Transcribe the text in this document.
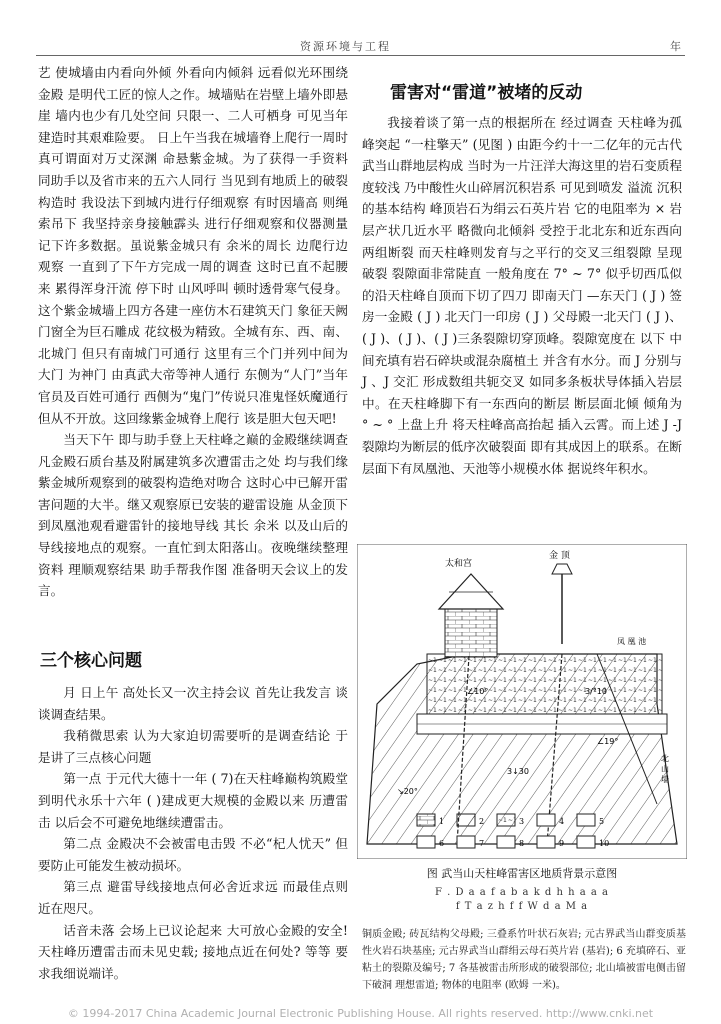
资源环境与工程	年

艺 使城墙由内看向外倾 外看向内倾斜 远看似光环围绕金殿 是明代工匠的惊人之作。城墙贴在岩壁上墙外即悬崖 墙内也少有几处空间 只限一、二人可栖身 可见当年建造时其艰难险要。 日上午当我在城墙脊上爬行一周时 真可谓面对万丈深渊 命悬紫金城。为了获得一手资料 同助手以及省市来的五六人同行 当见到有地质上的破裂构造时 我设法下到城内进行仔细观察 有时因墙高 则绳索吊下 我坚持亲身接触霹头 进行仔细观察和仪器测量 记下许多数据。虽说紫金城只有 余米的周长 边爬行边观察 一直到了下午方完成一周的调查 这时已直不起腰来 累得浑身汗流 停下时 山风呼叫 顿时透骨寒气侵身。这个紫金城墙上四方各建一座仿木石建筑天门 象征天阙 门窗全为巨石雕成 花纹极为精致。全城有东、西、南、北城门 但只有南城门可通行 这里有三个门并列中间为大门 为神门 由真武大帝等神人通行 东侧为“人门”当年官员及百姓可通行 西侧为“鬼门”传说只准鬼怪妖魔通行 但从不开放。这回缘紫金城脊上爬行 该是胆大包天吧!

当天下午 即与助手登上天柱峰之巅的金殿继续调查 凡金殿石质台基及附属建筑多次遭雷击之处 均与我们缘紫金城所观察到的破裂构造绝对吻合 这时心中已解开雷害问题的大半。继又观察原已安装的避雷设施 从金顶下到凤凰池观看避雷针的接地导线 其长 余米 以及山后的导线接地点的观察。一直忙到太阳落山。夜晚继续整理资料 理顺观察结果 助手帮我作图 准备明天会议上的发言。

三个核心问题

月 日上午 高处长又一次主持会议 首先让我发言 谈谈调查结果。

我稍微思索 认为大家迫切需要听的是调查结论 于是讲了三点核心问题

第一点 于元代大德十一年 ( 7)在天柱峰巅构筑殿堂到明代永乐十六年 ( )建成更大规模的金殿以来 历遭雷击 以后会不可避免地继续遭雷击。

第二点 金殿决不会被雷电击毁 不必“杞人忧天” 但要防止可能发生被动损坏。

第三点 避雷导线接地点何必舍近求远 而最佳点则近在咫尺。

话音未落 会场上已议论起来 大可放心金殿的安全! 天柱峰历遭雷击而未见史载; 接地点近在何处? 等等 要求我细说端详。

雷害对“雷道”被堵的反动

我接着谈了第一点的根据所在 经过调查 天柱峰为孤峰突起 “一柱擎天” (见图 ) 由距今约十一二亿年的元古代武当山群地层构成 当时为一片汪洋大海这里的岩石变质程度较浅 乃中酸性火山碎屑沉积岩系 可见到喷发 溢流 沉积的基本结构 峰顶岩石为绢云石英片岩 它的电阻率为 × 岩层产状几近水平 略微向北倾斜 受控于北北东和近东西向两组断裂 而天柱峰则发育与之平行的交叉三组裂隙 呈现破裂 裂隙面非常陡直 一般角度在 7° ~ 7° 似乎切西瓜似的沿天柱峰自顶而下切了四刀 即南天门 —东天门 ( J ) 签房一金殿 ( J ) 北天门一印房 ( J ) 父母殿一北天门 ( J )、( J )、( J )、( J )三条裂隙切穿顶峰。裂隙宽度在 以下 中间充填有岩石碎块或混杂腐植土 并含有水分。而 J 分别与 J 、J 交汇 形成数组共轭交叉 如同多条板状导体插入岩层中。在天柱峰脚下有一东西向的断层 断层面北倾 倾角为 ° ~ ° 上盘上升 将天柱峰高高抬起 插入云霄。而上述 J -J 裂隙均为断层的低序次破裂面 即有其成因上的联系。在断层面下有凤凰池、天池等小规模水体 据说终年积水。

太和宫
金 顶
3/°10
∠10°
3↓30
∠19°
↘20°
北 山 墙
凤 凰 池
1	2	3	4	5
6	7	8	9	10
图 武当山天柱峰雷害区地质背景示意图
F . D a a f a b a k d h h a a a
f T a z h f f W d a M a
铜质金殿; 砖瓦结构父母殿; 三叠系竹叶状石灰岩; 元古界武当山群变质基性火岩石块基座; 元古界武当山群绢云母石英片岩 (基岩); 6 充填碎石、亚粘土的裂隙及编号; 7 各基被雷击所形成的破裂部位; 北山墙被雷电侧击留下破洞 理想雷道; 物体的电阻率 (欧姆 一米)。
© 1994-2017 China Academic Journal Electronic Publishing House. All rights reserved. http://www.cnki.net
